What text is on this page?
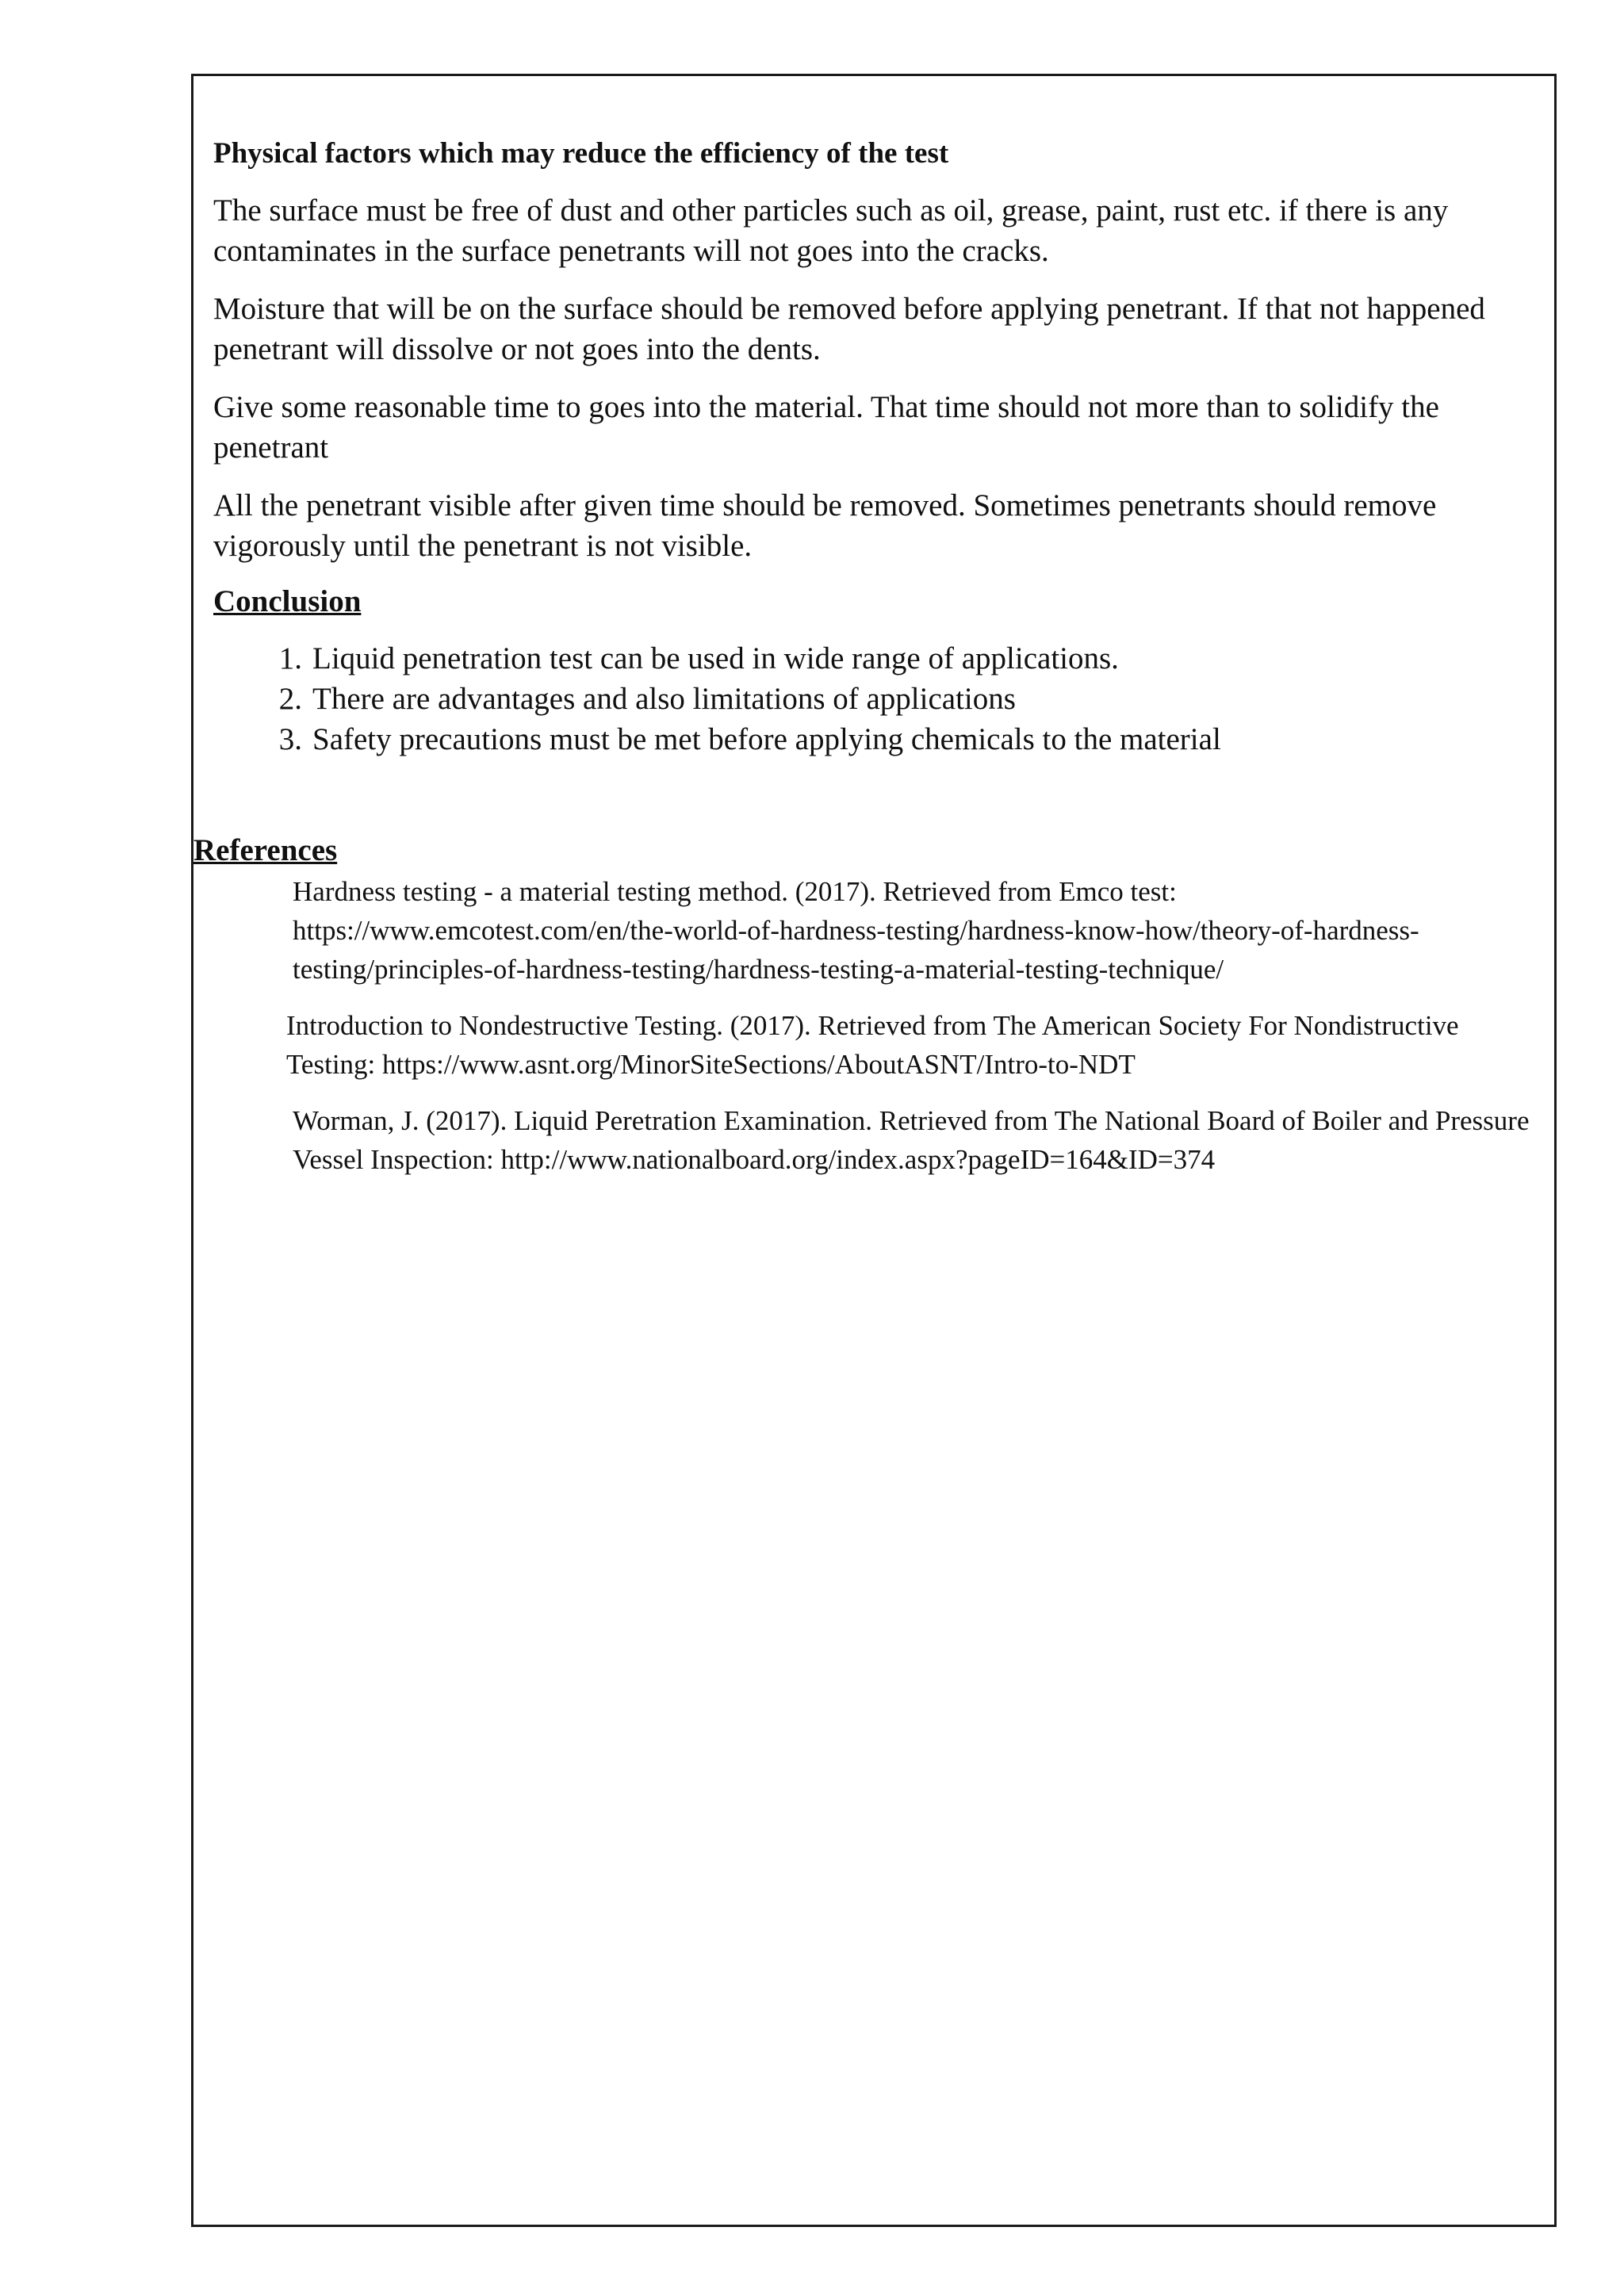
Physical factors which may reduce the efficiency of the test

The surface must be free of dust and other particles such as oil, grease, paint, rust etc. if there is any contaminates in the surface penetrants will not goes into the cracks.

Moisture that will be on the surface should be removed before applying penetrant. If that not happened penetrant will dissolve or not goes into the dents.

Give some reasonable time to goes into the material. That time should not more than to solidify the penetrant

All the penetrant visible after given time should be removed. Sometimes penetrants should remove vigorously until the penetrant is not visible.

Conclusion
1. Liquid penetration test can be used in wide range of applications.
2. There are advantages and also limitations of applications
3. Safety precautions must be met before applying chemicals to the material
References

Hardness testing - a material testing method. (2017). Retrieved from Emco test: https://www.emcotest.com/en/the-world-of-hardness-testing/hardness-know-how/theory-of-hardness-testing/principles-of-hardness-testing/hardness-testing-a-material-testing-technique/

Introduction to Nondestructive Testing. (2017). Retrieved from The American Society For Nondistructive Testing: https://www.asnt.org/MinorSiteSections/AboutASNT/Intro-to-NDT

Worman, J. (2017). Liquid Peretration Examination. Retrieved from The National Board of Boiler and Pressure Vessel Inspection: http://www.nationalboard.org/index.aspx?pageID=164&ID=374
